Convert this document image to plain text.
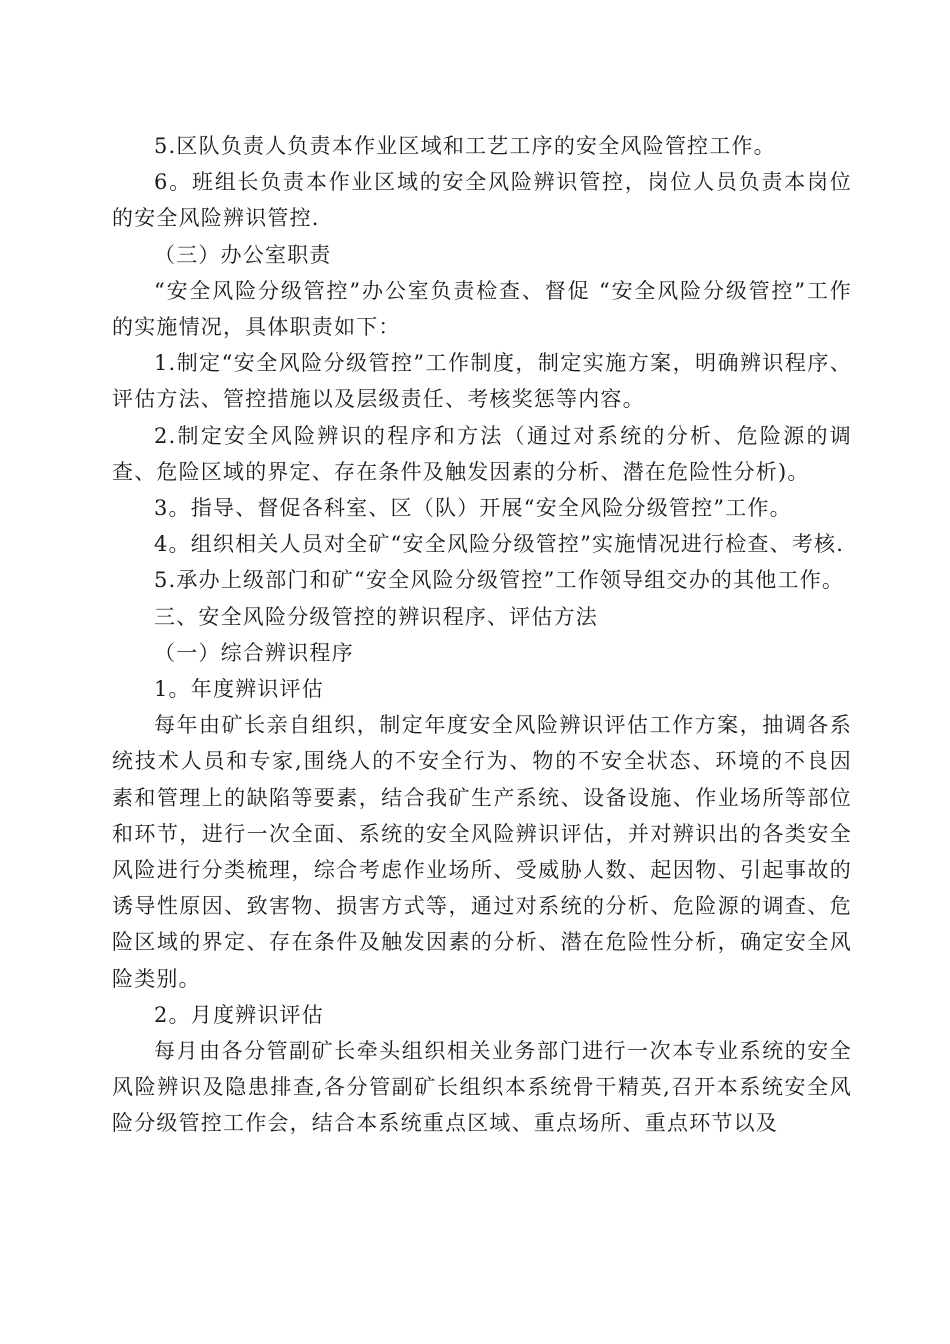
5.区队负责人负责本作业区域和工艺工序的安全风险管控工作。

6。班组长负责本作业区域的安全风险辨识管控，岗位人员负责本岗位的安全风险辨识管控.

（三）办公室职责

“安全风险分级管控”办公室负责检查、督促 “安全风险分级管控”工作的实施情况，具体职责如下：

1.制定“安全风险分级管控”工作制度，制定实施方案，明确辨识程序、评估方法、管控措施以及层级责任、考核奖惩等内容。

2.制定安全风险辨识的程序和方法（通过对系统的分析、危险源的调查、危险区域的界定、存在条件及触发因素的分析、潜在危险性分析)。

3。指导、督促各科室、区（队）开展“安全风险分级管控”工作。

4。组织相关人员对全矿“安全风险分级管控”实施情况进行检查、考核.

5.承办上级部门和矿“安全风险分级管控”工作领导组交办的其他工作。

三、安全风险分级管控的辨识程序、评估方法

（一）综合辨识程序

1。年度辨识评估

每年由矿长亲自组织，制定年度安全风险辨识评估工作方案，抽调各系统技术人员和专家,围绕人的不安全行为、物的不安全状态、环境的不良因素和管理上的缺陷等要素，结合我矿生产系统、设备设施、作业场所等部位和环节，进行一次全面、系统的安全风险辨识评估，并对辨识出的各类安全风险进行分类梳理，综合考虑作业场所、受威胁人数、起因物、引起事故的诱导性原因、致害物、损害方式等，通过对系统的分析、危险源的调查、危险区域的界定、存在条件及触发因素的分析、潜在危险性分析，确定安全风险类别。

2。月度辨识评估

每月由各分管副矿长牵头组织相关业务部门进行一次本专业系统的安全风险辨识及隐患排查,各分管副矿长组织本系统骨干精英,召开本系统安全风险分级管控工作会，结合本系统重点区域、重点场所、重点环节以及
